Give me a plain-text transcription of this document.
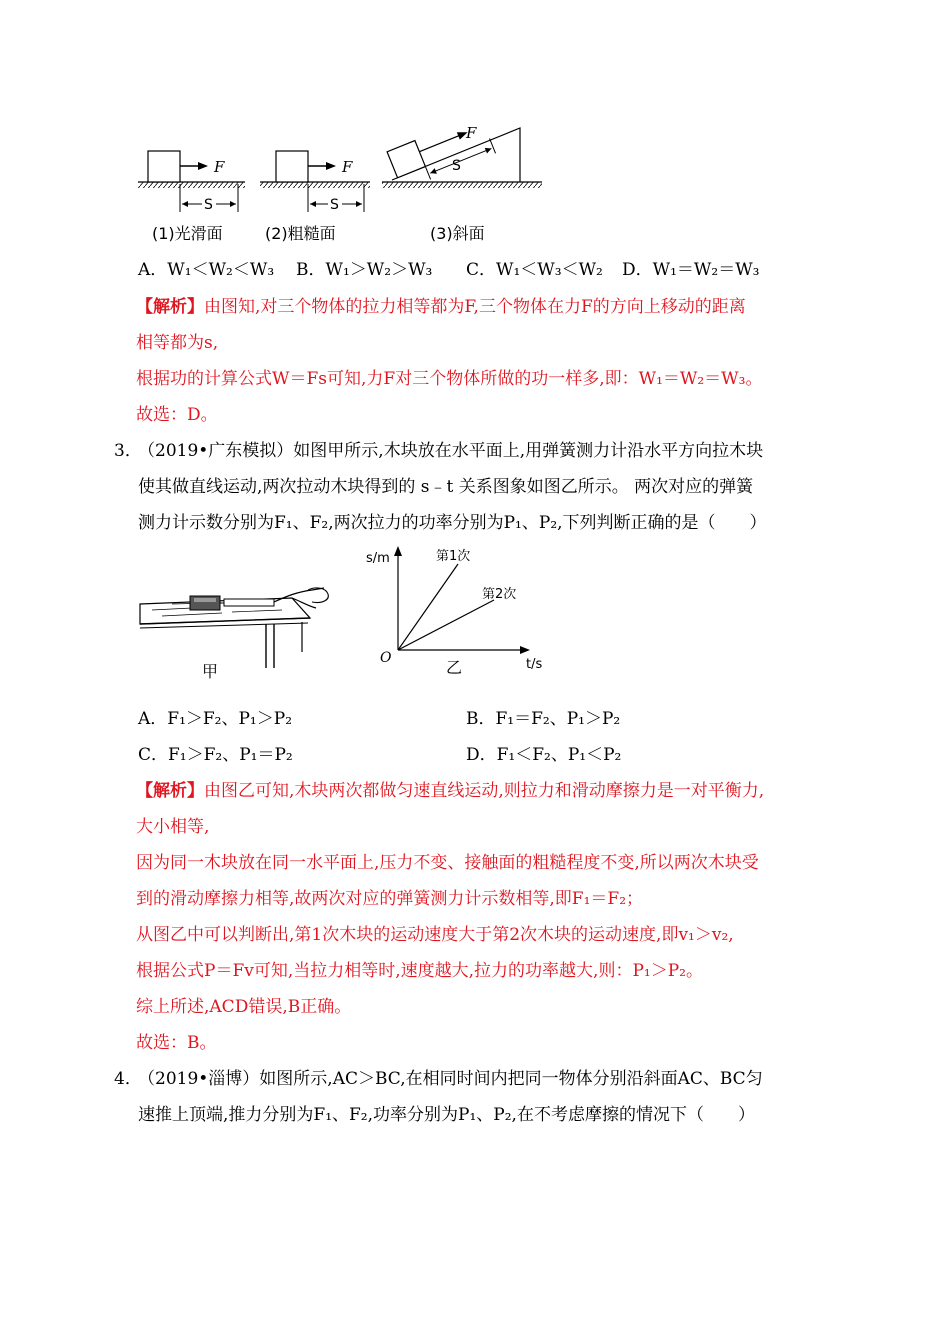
F
S
F
S
F
S
(1)光滑面	(2)粗糙面	(3)斜面
A．W₁＜W₂＜W₃ B．W₁＞W₂＞W₃ C．W₁＜W₃＜W₂ D．W₁＝W₂＝W₃
【解析】由图知,对三个物体的拉力相等都为F,三个物体在力F的方向上移动的距离
相等都为s,
根据功的计算公式W＝Fs可知,力F对三个物体所做的功一样多,即：W₁＝W₂＝W₃。
故选：D。
3．
（2019•广东模拟）如图甲所示,木块放在水平面上,用弹簧测力计沿水平方向拉木块
使其做直线运动,两次拉动木块得到的 s﹣t 关系图象如图乙所示。 两次对应的弹簧
测力计示数分别为F₁、F₂,两次拉力的功率分别为P₁、P₂,下列判断正确的是（　　）
甲
s/m
t/s
O
第1次
第2次
乙
A．F₁＞F₂、P₁＞P₂	B．F₁＝F₂、P₁＞P₂
C．F₁＞F₂、P₁＝P₂	D．F₁＜F₂、P₁＜P₂
【解析】由图乙可知,木块两次都做匀速直线运动,则拉力和滑动摩擦力是一对平衡力,
大小相等,
因为同一木块放在同一水平面上,压力不变、接触面的粗糙程度不变,所以两次木块受
到的滑动摩擦力相等,故两次对应的弹簧测力计示数相等,即F₁＝F₂；
从图乙中可以判断出,第1次木块的运动速度大于第2次木块的运动速度,即v₁＞v₂,
根据公式P＝Fv可知,当拉力相等时,速度越大,拉力的功率越大,则：P₁＞P₂。
综上所述,ACD错误,B正确。
故选：B。
4．
（2019•淄博）如图所示,AC＞BC,在相同时间内把同一物体分别沿斜面AC、BC匀
速推上顶端,推力分别为F₁、F₂,功率分别为P₁、P₂,在不考虑摩擦的情况下（　　）
